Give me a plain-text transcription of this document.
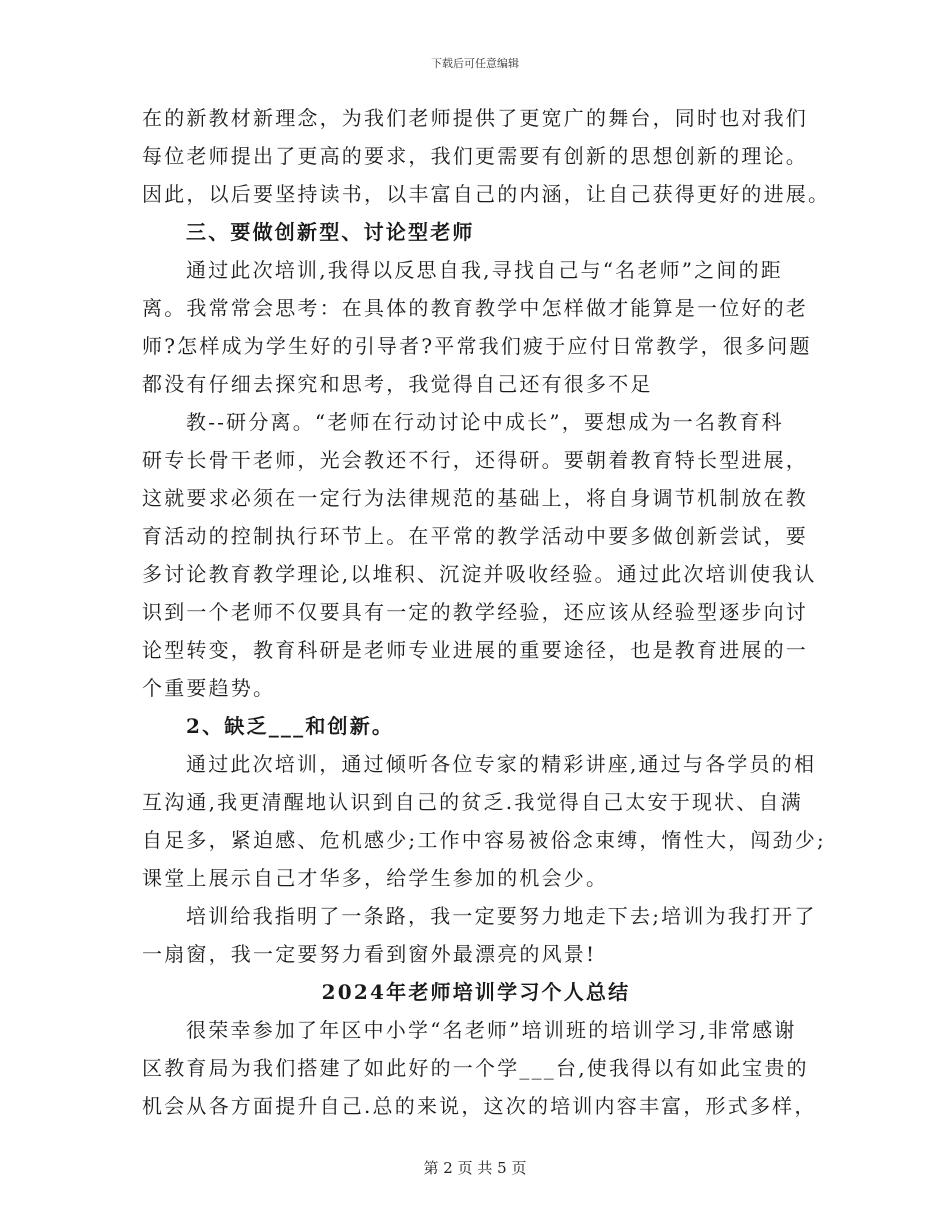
下载后可任意编辑
在的新教材新理念，为我们老师提供了更宽广的舞台，同时也对我们
每位老师提出了更高的要求，我们更需要有创新的思想创新的理论。
因此，以后要坚持读书，以丰富自己的内涵，让自己获得更好的进展。
三、要做创新型、讨论型老师
通过此次培训,我得以反思自我,寻找自己与“名老师”之间的距
离。我常常会思考：在具体的教育教学中怎样做才能算是一位好的老
师?怎样成为学生好的引导者?平常我们疲于应付日常教学，很多问题
都没有仔细去探究和思考，我觉得自己还有很多不足
教--研分离。“老师在行动讨论中成长”，要想成为一名教育科
研专长骨干老师，光会教还不行，还得研。要朝着教育特长型进展，
这就要求必须在一定行为法律规范的基础上，将自身调节机制放在教
育活动的控制执行环节上。在平常的教学活动中要多做创新尝试，要
多讨论教育教学理论,以堆积、沉淀并吸收经验。通过此次培训使我认
识到一个老师不仅要具有一定的教学经验，还应该从经验型逐步向讨
论型转变，教育科研是老师专业进展的重要途径，也是教育进展的一
个重要趋势。
2、缺乏___和创新。
通过此次培训，通过倾听各位专家的精彩讲座,通过与各学员的相
互沟通,我更清醒地认识到自己的贫乏.我觉得自己太安于现状、自满
自足多，紧迫感、危机感少;工作中容易被俗念束缚，惰性大，闯劲少;
课堂上展示自己才华多，给学生参加的机会少。
培训给我指明了一条路，我一定要努力地走下去;培训为我打开了
一扇窗，我一定要努力看到窗外最漂亮的风景!
2024年老师培训学习个人总结
很荣幸参加了年区中小学“名老师”培训班的培训学习,非常感谢
区教育局为我们搭建了如此好的一个学___台,使我得以有如此宝贵的
机会从各方面提升自己.总的来说，这次的培训内容丰富，形式多样，
第 2 页 共 5 页
